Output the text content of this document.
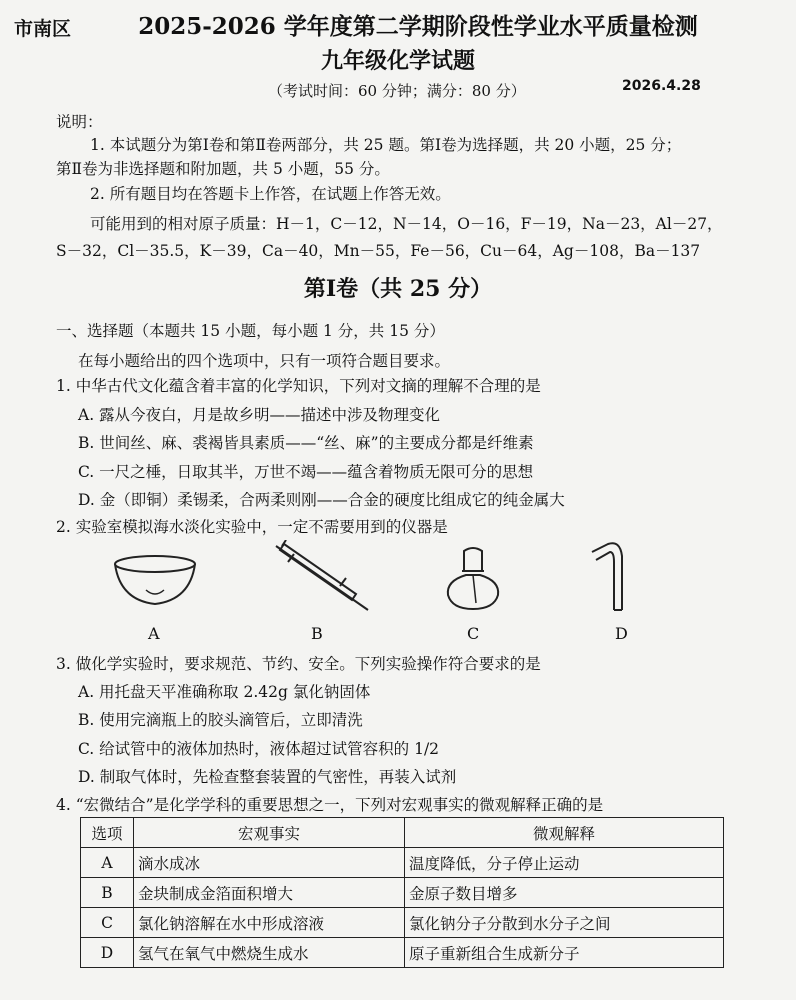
市南区	2025-2026 学年度第二学期阶段性学业水平质量检测
九年级化学试题
（考试时间：60 分钟；满分：80 分）	2026.4.28
说明：
1. 本试题分为第Ⅰ卷和第Ⅱ卷两部分，共 25 题。第Ⅰ卷为选择题，共 20 小题，25 分；
第Ⅱ卷为非选择题和附加题，共 5 小题，55 分。
2. 所有题目均在答题卡上作答，在试题上作答无效。
可能用到的相对原子质量：H－1，C－12，N－14，O－16，F－19，Na－23，Al－27，
S－32，Cl－35.5，K－39，Ca－40，Mn－55，Fe－56，Cu－64，Ag－108，Ba－137
第Ⅰ卷（共 25 分）
一、选择题（本题共 15 小题，每小题 1 分，共 15 分）
在每小题给出的四个选项中，只有一项符合题目要求。
1. 中华古代文化蕴含着丰富的化学知识，下列对文摘的理解不合理的是
A. 露从今夜白，月是故乡明——描述中涉及物理变化
B. 世间丝、麻、裘褐皆具素质——“丝、麻”的主要成分都是纤维素
C. 一尺之棰，日取其半，万世不竭——蕴含着物质无限可分的思想
D. 金（即铜）柔锡柔，合两柔则刚——合金的硬度比组成它的纯金属大
2. 实验室模拟海水淡化实验中，一定不需要用到的仪器是
A	B	C	D
3. 做化学实验时，要求规范、节约、安全。下列实验操作符合要求的是
A. 用托盘天平准确称取 2.42g 氯化钠固体
B. 使用完滴瓶上的胶头滴管后，立即清洗
C. 给试管中的液体加热时，液体超过试管容积的 1/2
D. 制取气体时，先检查整套装置的气密性，再装入试剂
4. “宏微结合”是化学学科的重要思想之一，下列对宏观事实的微观解释正确的是
选项	宏观事实	微观解释
A	滴水成冰	温度降低，分子停止运动
B	金块制成金箔面积增大	金原子数目增多
C	氯化钠溶解在水中形成溶液	氯化钠分子分散到水分子之间
D	氢气在氧气中燃烧生成水	原子重新组合生成新分子
